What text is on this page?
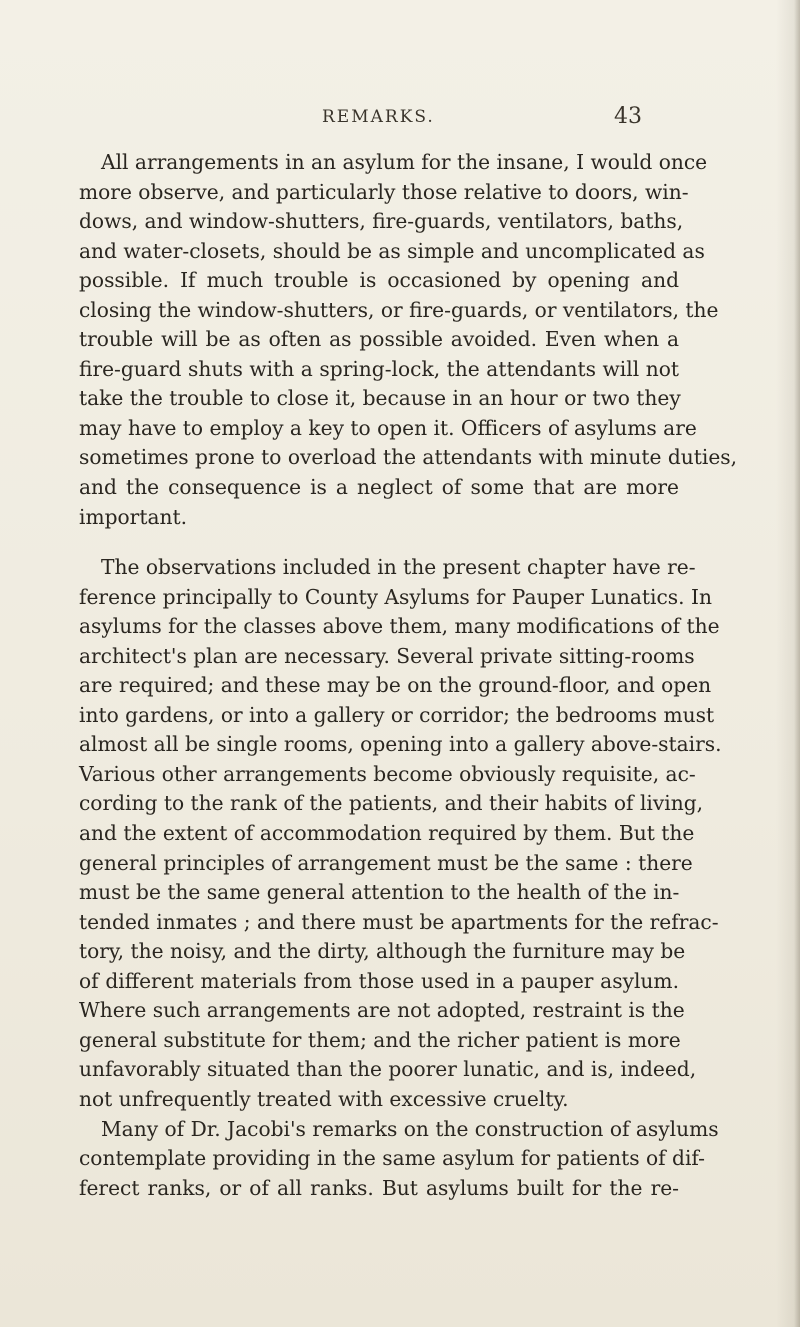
REMARKS.	43
All arrangements in an asylum for the insane, I would once
more observe, and particularly those relative to doors, win-
dows, and window-shutters, fire-guards, ventilators, baths,
and water-closets, should be as simple and uncomplicated as
possible. If much trouble is occasioned by opening and
closing the window-shutters, or fire-guards, or ventilators, the
trouble will be as often as possible avoided. Even when a
fire-guard shuts with a spring-lock, the attendants will not
take the trouble to close it, because in an hour or two they
may have to employ a key to open it. Officers of asylums are
sometimes prone to overload the attendants with minute duties,
and the consequence is a neglect of some that are more
important.
The observations included in the present chapter have re-
ference principally to County Asylums for Pauper Lunatics. In
asylums for the classes above them, many modifications of the
architect's plan are necessary. Several private sitting-rooms
are required; and these may be on the ground-floor, and open
into gardens, or into a gallery or corridor; the bedrooms must
almost all be single rooms, opening into a gallery above-stairs.
Various other arrangements become obviously requisite, ac-
cording to the rank of the patients, and their habits of living,
and the extent of accommodation required by them. But the
general principles of arrangement must be the same : there
must be the same general attention to the health of the in-
tended inmates ; and there must be apartments for the refrac-
tory, the noisy, and the dirty, although the furniture may be
of different materials from those used in a pauper asylum.
Where such arrangements are not adopted, restraint is the
general substitute for them; and the richer patient is more
unfavorably situated than the poorer lunatic, and is, indeed,
not unfrequently treated with excessive cruelty.
Many of Dr. Jacobi's remarks on the construction of asylums
contemplate providing in the same asylum for patients of dif-
ferect ranks, or of all ranks. But asylums built for the re-
